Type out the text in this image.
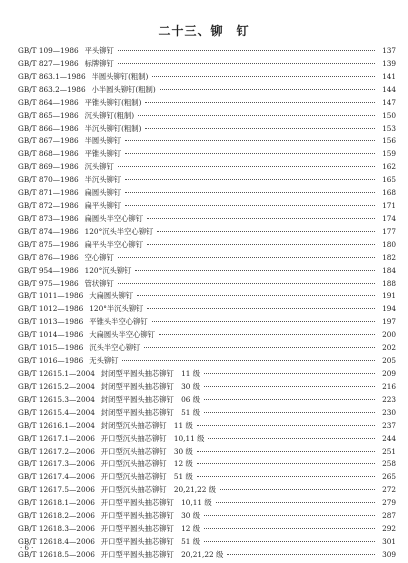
二十三、铆　钉
GB/T 109—1986 平头铆钉	137
GB/T 827—1986 标牌铆钉	139
GB/T 863.1—1986 半圆头铆钉(粗制)	141
GB/T 863.2—1986 小半圆头铆钉(粗制)	144
GB/T 864—1986 平锥头铆钉(粗制)	147
GB/T 865—1986 沉头铆钉(粗制)	150
GB/T 866—1986 半沉头铆钉(粗制)	153
GB/T 867—1986 半圆头铆钉	156
GB/T 868—1986 平锥头铆钉	159
GB/T 869—1986 沉头铆钉	162
GB/T 870—1986 半沉头铆钉	165
GB/T 871—1986 扁圆头铆钉	168
GB/T 872—1986 扁平头铆钉	171
GB/T 873—1986 扁圆头半空心铆钉	174
GB/T 874—1986 120°沉头半空心铆钉	177
GB/T 875—1986 扁平头半空心铆钉	180
GB/T 876—1986 空心铆钉	182
GB/T 954—1986 120°沉头铆钉	184
GB/T 975—1986 管状铆钉	188
GB/T 1011—1986 大扁圆头铆钉	191
GB/T 1012—1986 120°半沉头铆钉	194
GB/T 1013—1986 平锥头半空心铆钉	197
GB/T 1014—1986 大扁圆头半空心铆钉	200
GB/T 1015—1986 沉头半空心铆钉	202
GB/T 1016—1986 无头铆钉	205
GB/T 12615.1—2004 封闭型平圆头抽芯铆钉　11 级	209
GB/T 12615.2—2004 封闭型平圆头抽芯铆钉　30 级	216
GB/T 12615.3—2004 封闭型平圆头抽芯铆钉　06 级	223
GB/T 12615.4—2004 封闭型平圆头抽芯铆钉　51 级	230
GB/T 12616.1—2004 封闭型沉头抽芯铆钉　11 级	237
GB/T 12617.1—2006 开口型沉头抽芯铆钉　10,11 级	244
GB/T 12617.2—2006 开口型沉头抽芯铆钉　30 级	251
GB/T 12617.3—2006 开口型沉头抽芯铆钉　12 级	258
GB/T 12617.4—2006 开口型沉头抽芯铆钉　51 级	265
GB/T 12617.5—2006 开口型沉头抽芯铆钉　20,21,22 级	272
GB/T 12618.1—2006 开口型平圆头抽芯铆钉　10,11 级	279
GB/T 12618.2—2006 开口型平圆头抽芯铆钉　30 级	287
GB/T 12618.3—2006 开口型平圆头抽芯铆钉　12 级	292
GB/T 12618.4—2006 开口型平圆头抽芯铆钉　51 级	301
GB/T 12618.5—2006 开口型平圆头抽芯铆钉　20,21,22 级	309
· 6 ·
